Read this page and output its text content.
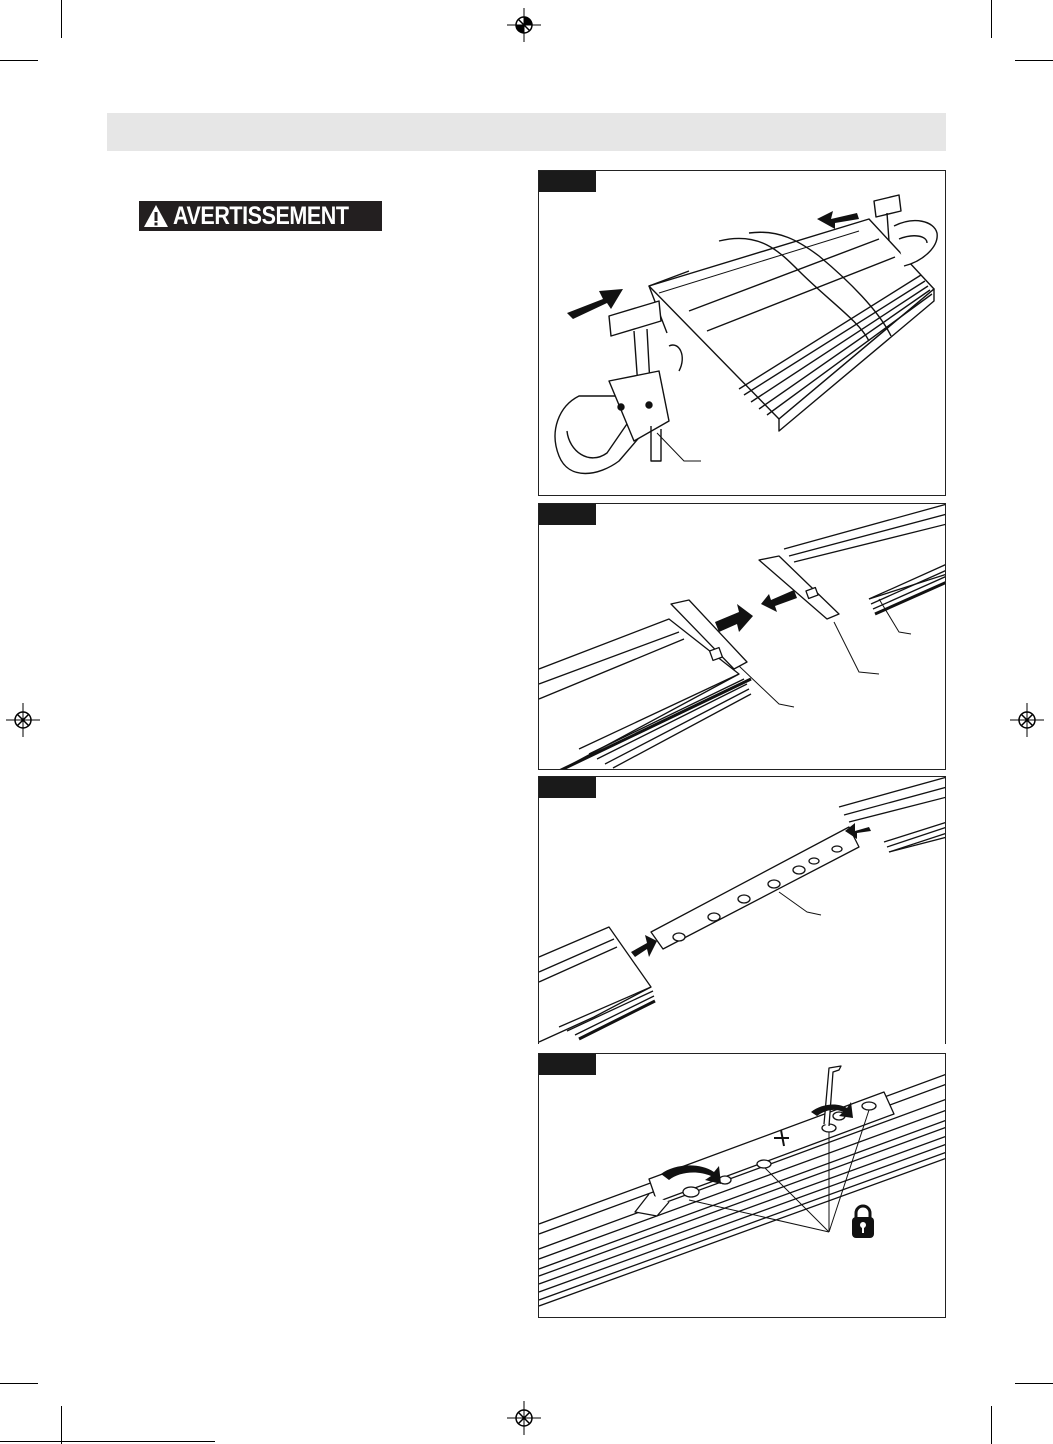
AVERTISSEMENT
